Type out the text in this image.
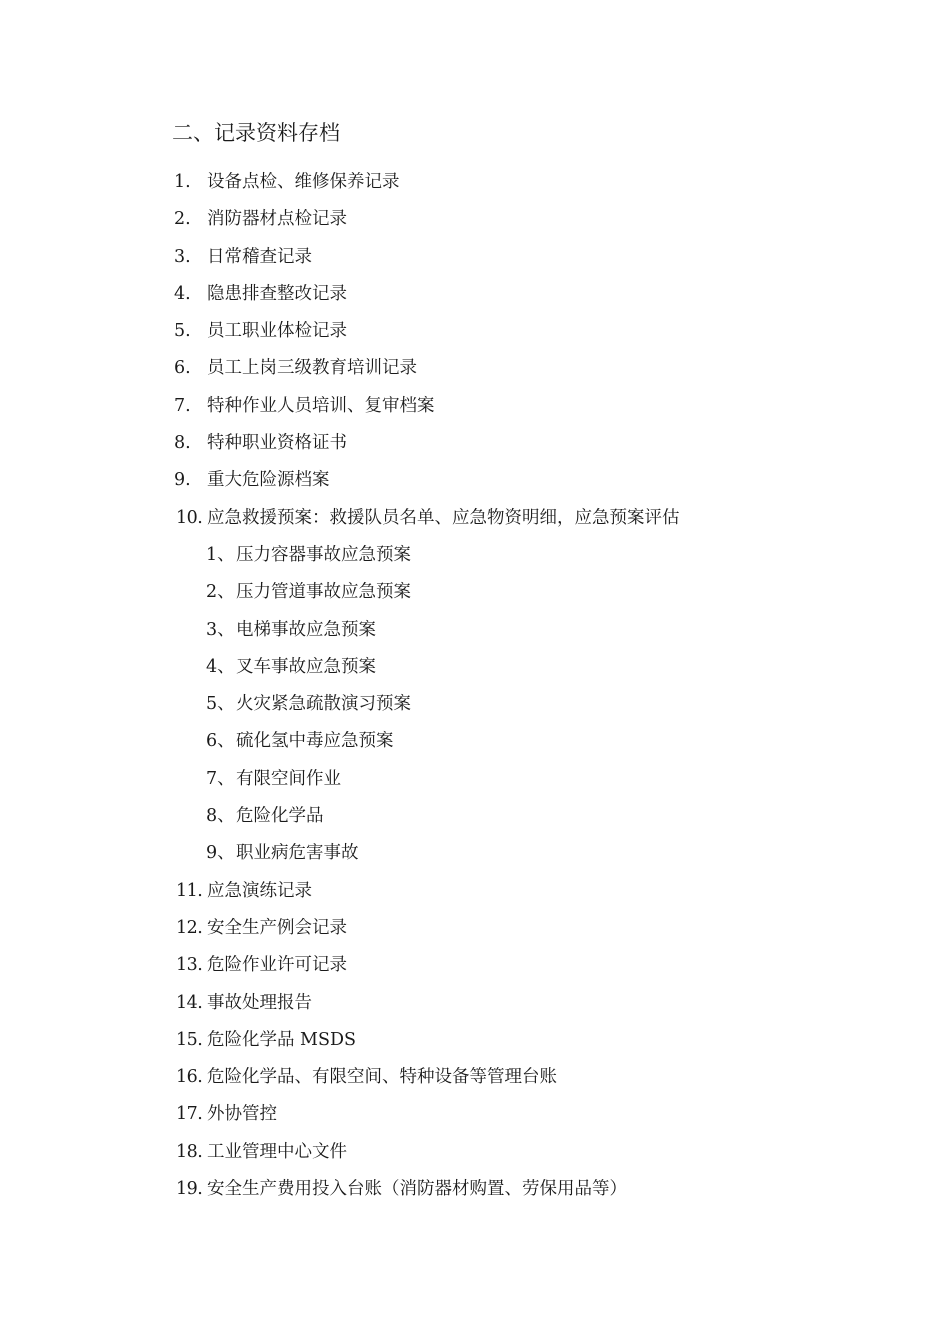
二、记录资料存档
1. 设备点检、维修保养记录
2. 消防器材点检记录
3. 日常稽查记录
4. 隐患排查整改记录
5. 员工职业体检记录
6. 员工上岗三级教育培训记录
7. 特种作业人员培训、复审档案
8. 特种职业资格证书
9. 重大危险源档案
10. 应急救援预案：救援队员名单、应急物资明细，应急预案评估
1、 压力容器事故应急预案
2、 压力管道事故应急预案
3、 电梯事故应急预案
4、 叉车事故应急预案
5、 火灾紧急疏散演习预案
6、 硫化氢中毒应急预案
7、 有限空间作业
8、 危险化学品
9、 职业病危害事故
11. 应急演练记录
12. 安全生产例会记录
13. 危险作业许可记录
14. 事故处理报告
15. 危险化学品 MSDS
16. 危险化学品、有限空间、特种设备等管理台账
17. 外协管控
18. 工业管理中心文件
19. 安全生产费用投入台账（消防器材购置、劳保用品等）
